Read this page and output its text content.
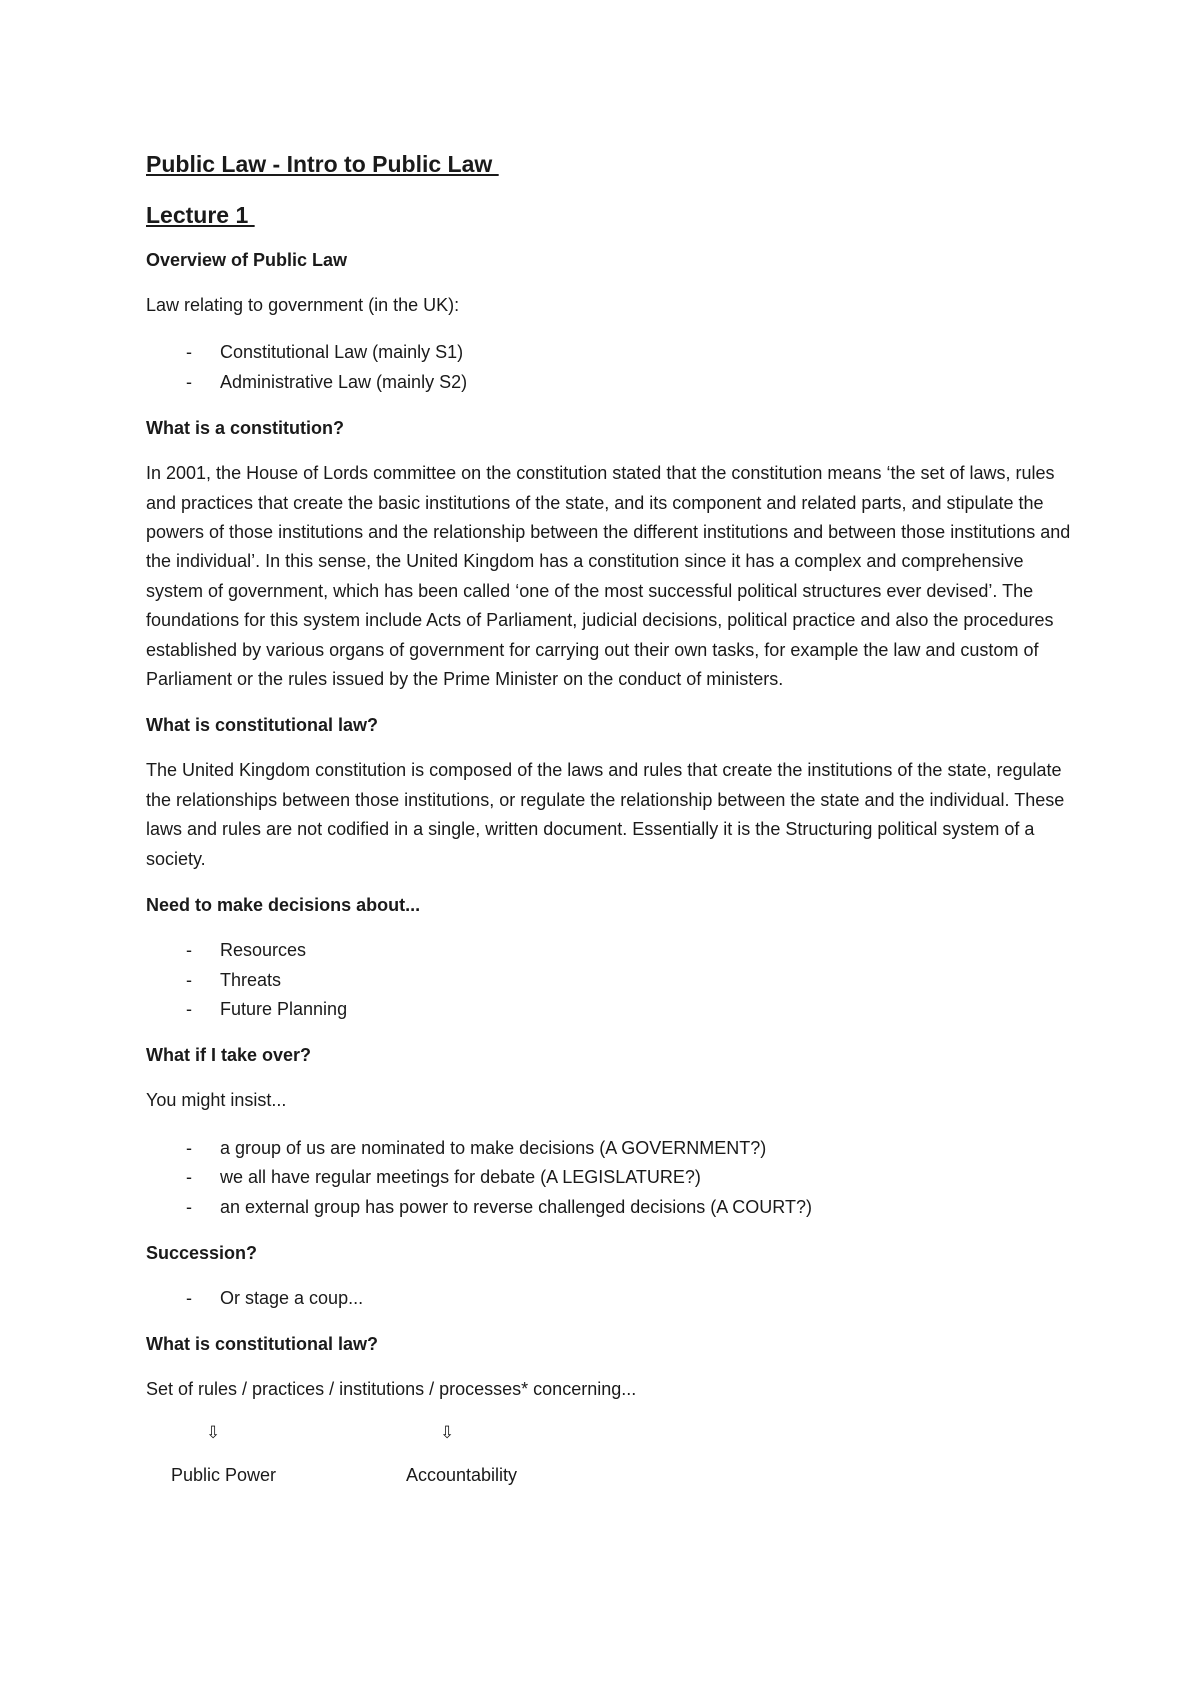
Public Law - Intro to Public Law

Lecture 1

Overview of Public Law

Law relating to government (in the UK):

- Constitutional Law (mainly S1)
- Administrative Law (mainly S2)

What is a constitution?

In 2001, the House of Lords committee on the constitution stated that the constitution means ‘the set of laws, rules and practices that create the basic institutions of the state, and its component and related parts, and stipulate the powers of those institutions and the relationship between the different institutions and between those institutions and the individual’. In this sense, the United Kingdom has a constitution since it has a complex and comprehensive system of government, which has been called ‘one of the most successful political structures ever devised’. The foundations for this system include Acts of Parliament, judicial decisions, political practice and also the procedures established by various organs of government for carrying out their own tasks, for example the law and custom of Parliament or the rules issued by the Prime Minister on the conduct of ministers.

What is constitutional law?

The United Kingdom constitution is composed of the laws and rules that create the institutions of the state, regulate the relationships between those institutions, or regulate the relationship between the state and the individual. These laws and rules are not codified in a single, written document. Essentially it is the Structuring political system of a society.

Need to make decisions about...

- Resources
- Threats
- Future Planning

What if I take over?

You might insist...

- a group of us are nominated to make decisions (A GOVERNMENT?)
- we all have regular meetings for debate (A LEGISLATURE?)
- an external group has power to reverse challenged decisions (A COURT?)

Succession?

- Or stage a coup...

What is constitutional law?

Set of rules / practices / institutions / processes* concerning...

⇩	⇩
Public Power	Accountability
